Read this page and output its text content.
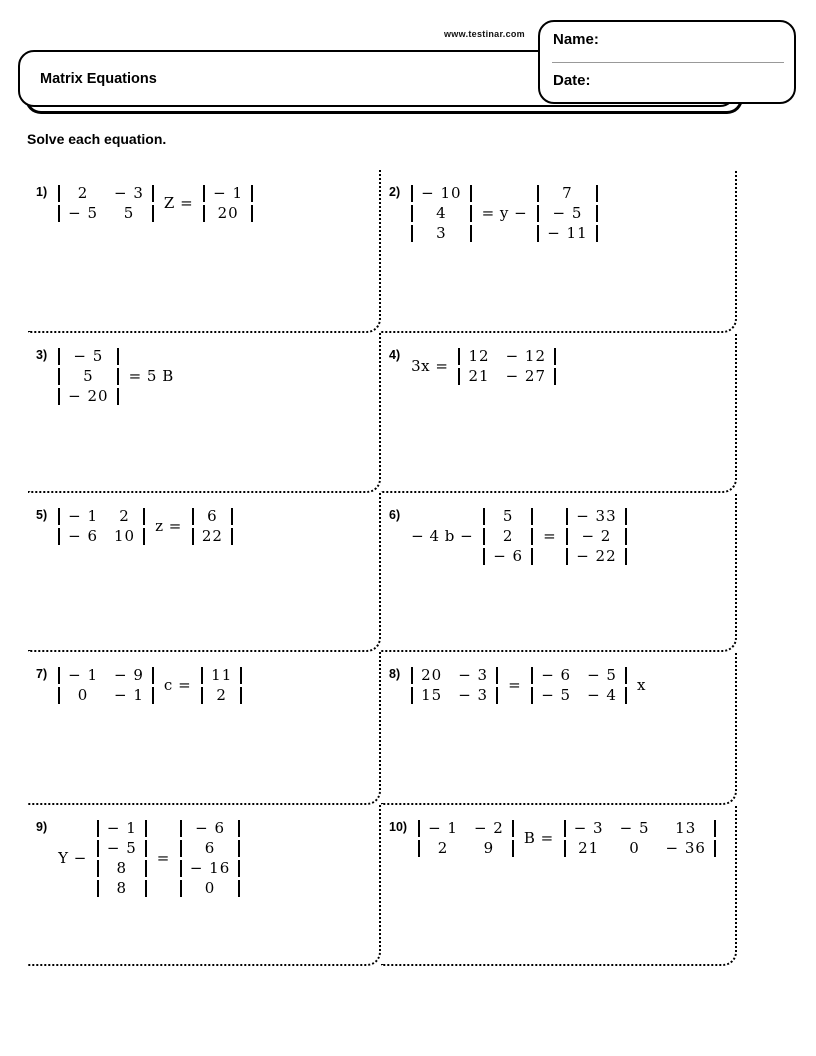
www.testinar.com
Matrix Equations
Name:
Date:
Solve each equation.
1)	2	− 3
− 5	5
Z =
− 1
20
2)	− 10
4
3
= y −
7
− 5
− 11
3)	− 5
5
− 20
= 5 B
4)
3x =
12	− 12
21	− 27
5)	− 1	2
− 6	10
z =
6
22
6)
− 4 b −
5
2
− 6
=
− 33
− 2
− 22
7)	− 1	− 9
0	− 1
c =
11
2
8)	20	− 3
15	− 3
=
− 6	− 5
− 5	− 4
x
9)
Y −
− 1
− 5
8
8
=
− 6
6
− 16
0
10)	− 1	− 2
2	9
B =
− 3	− 5	13
21	0	− 36
